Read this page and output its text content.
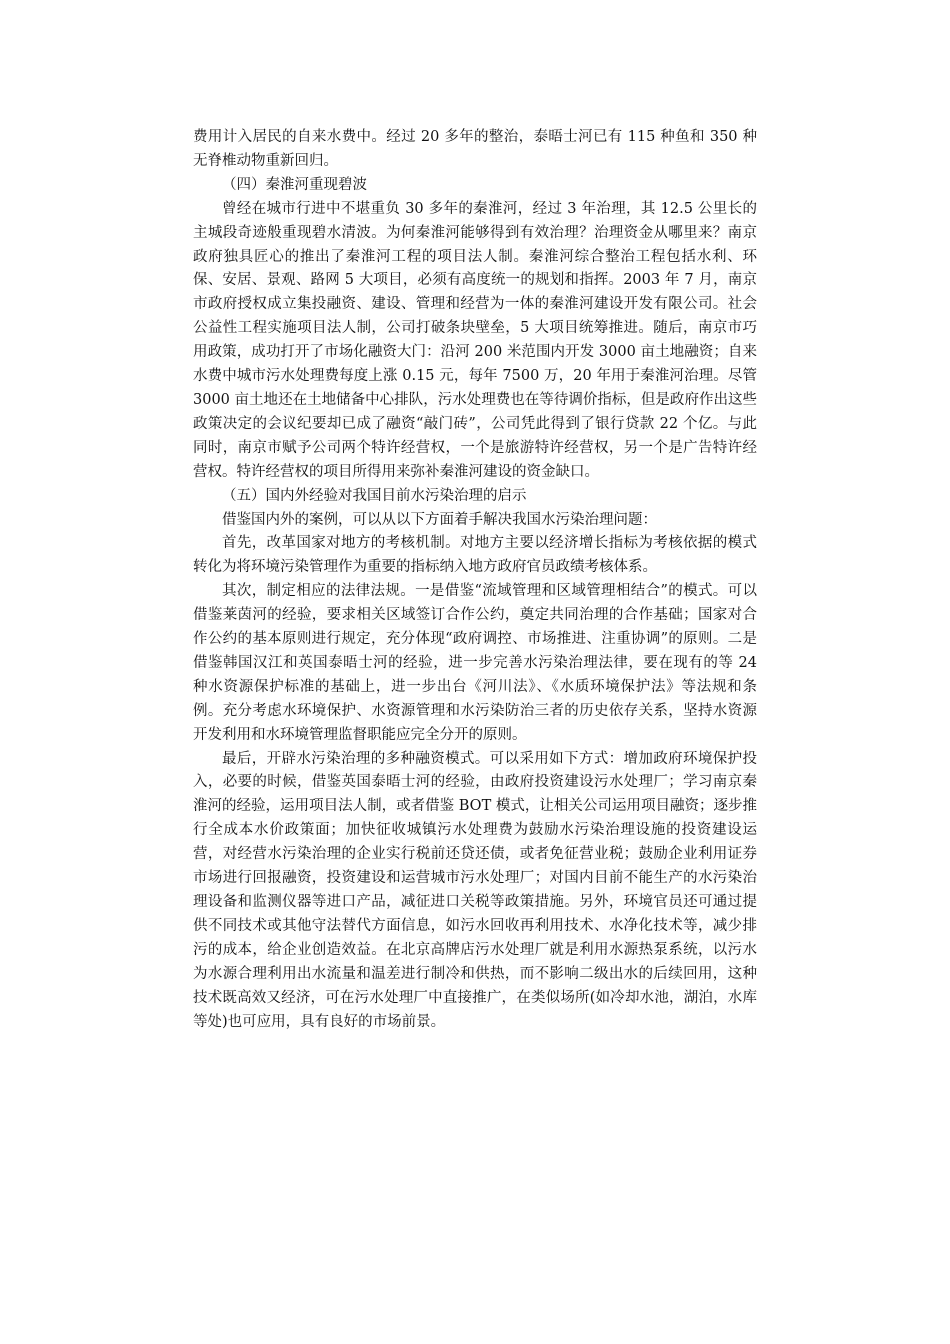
费用计入居民的自来水费中。经过 20 多年的整治，泰晤士河已有 115 种鱼和 350 种无脊椎动物重新回归。

（四）秦淮河重现碧波

曾经在城市行进中不堪重负 30 多年的秦淮河，经过 3 年治理，其 12.5 公里长的主城段奇迹般重现碧水清波。为何秦淮河能够得到有效治理？治理资金从哪里来？南京政府独具匠心的推出了秦淮河工程的项目法人制。秦淮河综合整治工程包括水利、环保、安居、景观、路网 5 大项目，必须有高度统一的规划和指挥。2003 年 7 月，南京市政府授权成立集投融资、建设、管理和经营为一体的秦淮河建设开发有限公司。社会公益性工程实施项目法人制，公司打破条块壁垒，5 大项目统筹推进。随后，南京市巧用政策，成功打开了市场化融资大门：沿河 200 米范围内开发 3000 亩土地融资；自来水费中城市污水处理费每度上涨 0.15 元，每年 7500 万，20 年用于秦淮河治理。尽管 3000 亩土地还在土地储备中心排队，污水处理费也在等待调价指标，但是政府作出这些政策决定的会议纪要却已成了融资“敲门砖”，公司凭此得到了银行贷款 22 个亿。与此同时，南京市赋予公司两个特许经营权，一个是旅游特许经营权，另一个是广告特许经营权。特许经营权的项目所得用来弥补秦淮河建设的资金缺口。

（五）国内外经验对我国目前水污染治理的启示

借鉴国内外的案例，可以从以下方面着手解决我国水污染治理问题：

首先，改革国家对地方的考核机制。对地方主要以经济增长指标为考核依据的模式转化为将环境污染管理作为重要的指标纳入地方政府官员政绩考核体系。

其次，制定相应的法律法规。一是借鉴“流域管理和区域管理相结合”的模式。可以借鉴莱茵河的经验，要求相关区域签订合作公约，奠定共同治理的合作基础；国家对合作公约的基本原则进行规定，充分体现“政府调控、市场推进、注重协调”的原则。二是借鉴韩国汉江和英国泰晤士河的经验，进一步完善水污染治理法律，要在现有的等 24 种水资源保护标准的基础上，进一步出台《河川法》、《水质环境保护法》等法规和条例。充分考虑水环境保护、水资源管理和水污染防治三者的历史依存关系，坚持水资源开发利用和水环境管理监督职能应完全分开的原则。

最后，开辟水污染治理的多种融资模式。可以采用如下方式：增加政府环境保护投入，必要的时候，借鉴英国泰晤士河的经验，由政府投资建设污水处理厂；学习南京秦淮河的经验，运用项目法人制，或者借鉴 BOT 模式，让相关公司运用项目融资；逐步推行全成本水价政策面；加快征收城镇污水处理费为鼓励水污染治理设施的投资建设运营，对经营水污染治理的企业实行税前还贷还债，或者免征营业税；鼓励企业利用证券市场进行回报融资，投资建设和运营城市污水处理厂；对国内目前不能生产的水污染治理设备和监测仪器等进口产品，减征进口关税等政策措施。另外，环境官员还可通过提供不同技术或其他守法替代方面信息，如污水回收再利用技术、水净化技术等，减少排污的成本，给企业创造效益。在北京高牌店污水处理厂就是利用水源热泵系统，以污水为水源合理利用出水流量和温差进行制冷和供热，而不影响二级出水的后续回用，这种技术既高效又经济，可在污水处理厂中直接推广，在类似场所(如冷却水池，湖泊，水库等处)也可应用，具有良好的市场前景。
